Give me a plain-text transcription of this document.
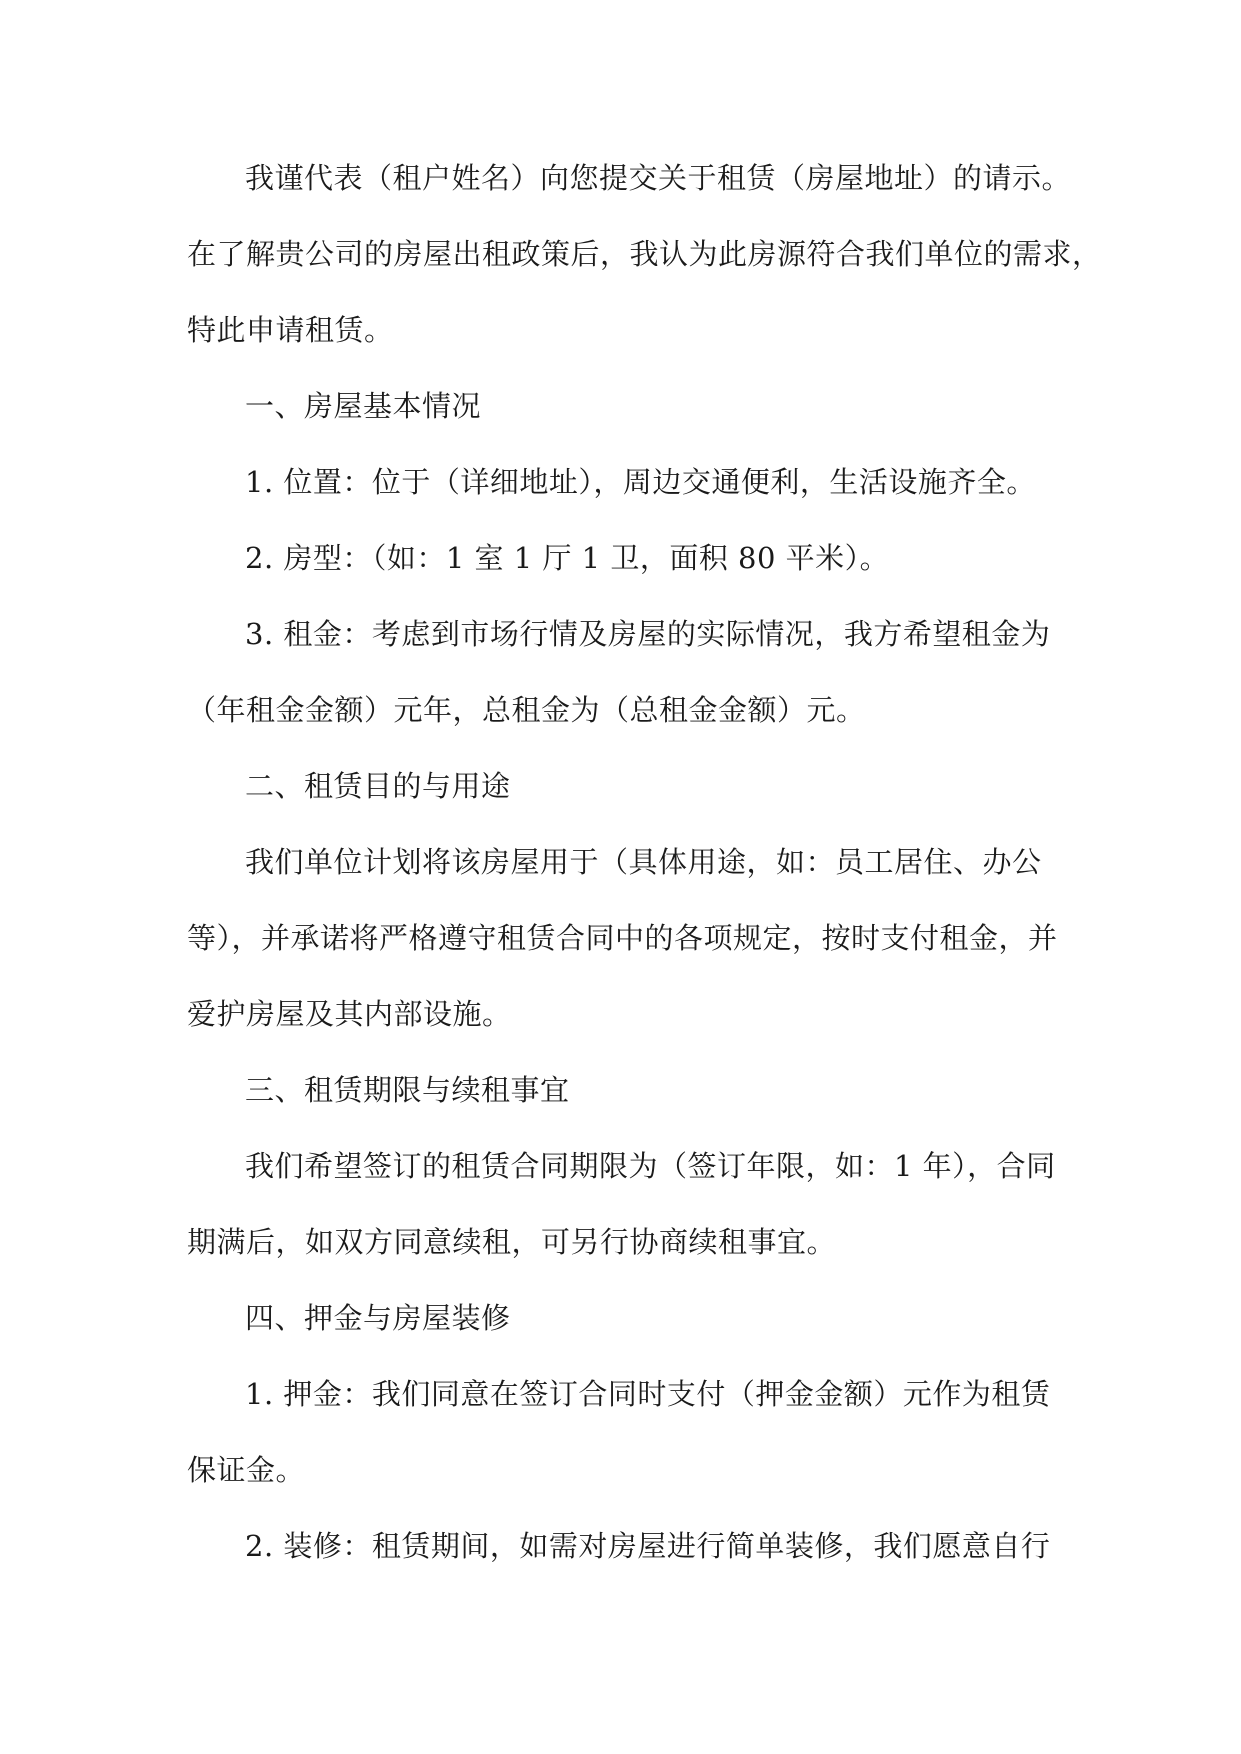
我谨代表（租户姓名）向您提交关于租赁（房屋地址）的请示。
在了解贵公司的房屋出租政策后，我认为此房源符合我们单位的需求，
特此申请租赁。
一、房屋基本情况
1. 位置：位于（详细地址），周边交通便利，生活设施齐全。
2. 房型：（如：1 室 1 厅 1 卫，面积 80 平米）。
3. 租金：考虑到市场行情及房屋的实际情况，我方希望租金为
（年租金金额）元年，总租金为（总租金金额）元。
二、租赁目的与用途
我们单位计划将该房屋用于（具体用途，如：员工居住、办公
等），并承诺将严格遵守租赁合同中的各项规定，按时支付租金，并
爱护房屋及其内部设施。
三、租赁期限与续租事宜
我们希望签订的租赁合同期限为（签订年限，如：1 年），合同
期满后，如双方同意续租，可另行协商续租事宜。
四、押金与房屋装修
1. 押金：我们同意在签订合同时支付（押金金额）元作为租赁
保证金。
2. 装修：租赁期间，如需对房屋进行简单装修，我们愿意自行
